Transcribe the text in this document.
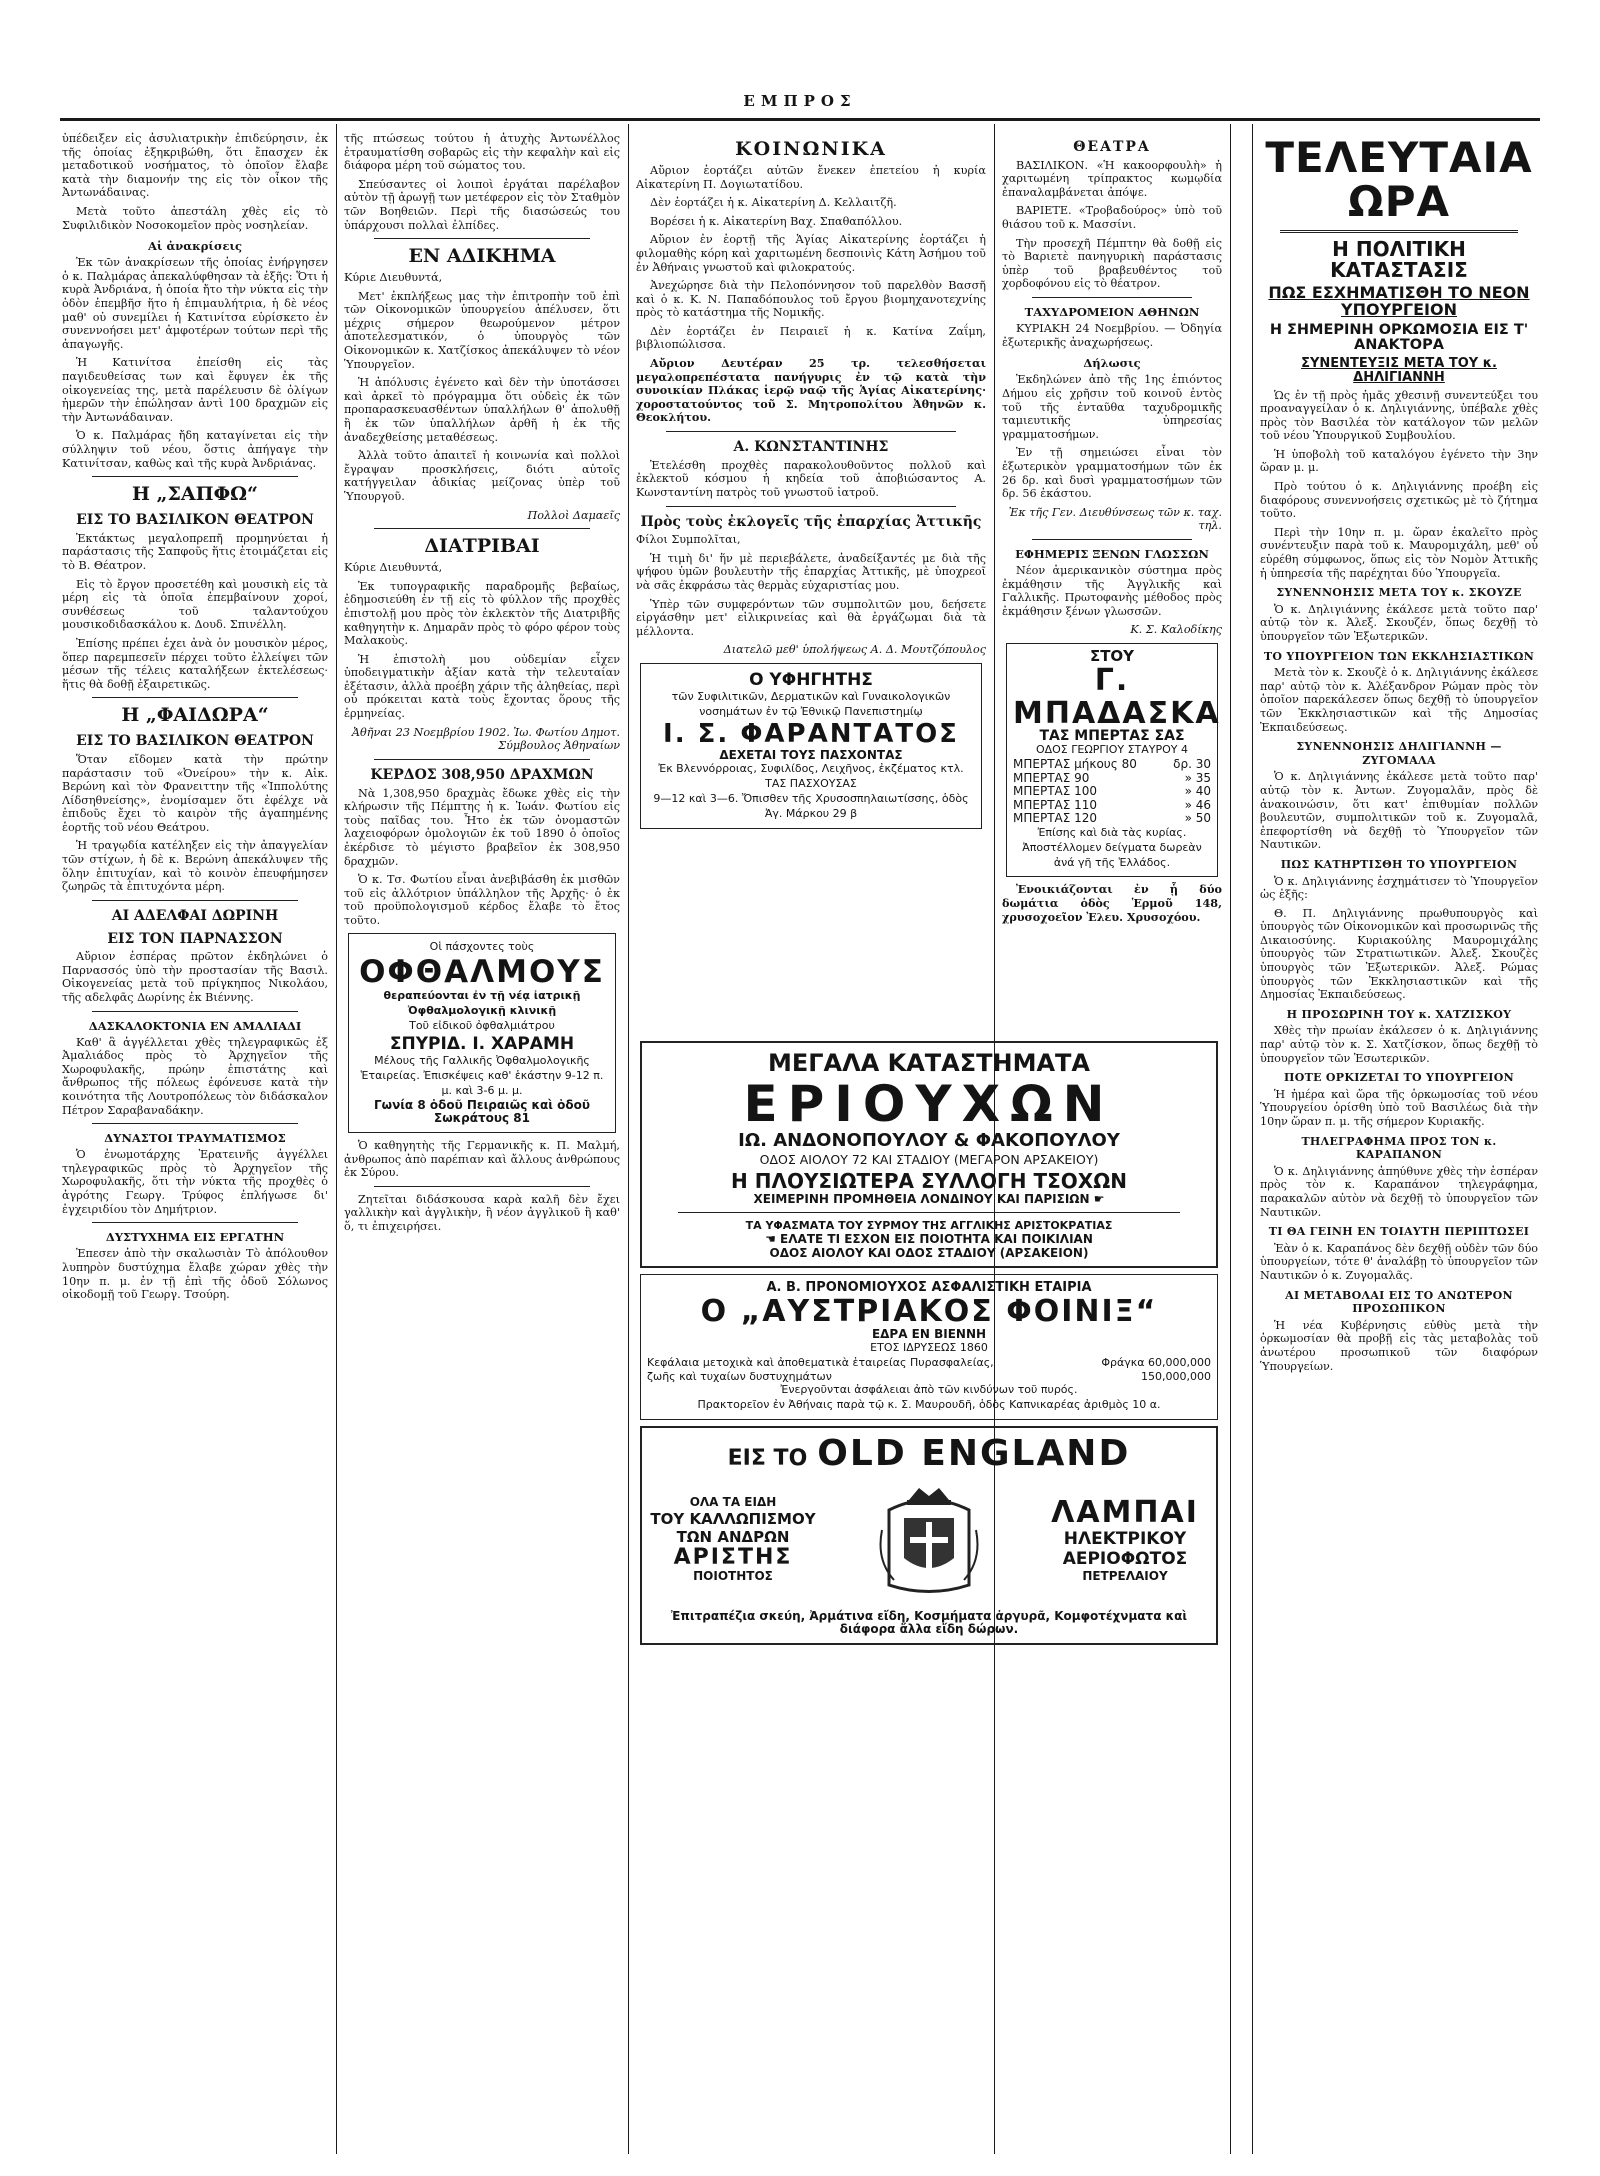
ΕΜΠΡΟΣ

ὑπέδειξεν εἰς ἀσυλιατρικὴν ἐπιδεύρησιν, ἐκ τῆς ὁποίας ἐξηκριβώθη, ὅτι ἔπασχεν ἐκ μεταδοτικοῦ νοσήματος, τὸ ὁποῖον ἔλαβε κατὰ τὴν διαμονήν της εἰς τὸν οἶκον τῆς Ἀντωνάδαινας.

Μετὰ τοῦτο ἀπεστάλη χθὲς εἰς τὸ Συφιλιδικὸν Νοσοκομεῖον πρὸς νοσηλείαν.

Αἱ ἀνακρίσεις

Ἐκ τῶν ἀνακρίσεων τῆς ὁποίας ἐνήργησεν ὁ κ. Παλμάρας ἀπεκαλύφθησαν τὰ ἑξῆς: Ὅτι ἡ κυρὰ Ἀνδριάνα, ἡ ὁποία ἤτο τὴν νύκτα εἰς τὴν ὁδὸν ἐπεμβῆσ ἥτο ἡ ἐπιμαυλήτρια, ἡ δὲ νέος μαθ' οὐ συνεμίλει ἡ Κατινίτσα εὑρίσκετο ἐν συνεννοήσει μετ' ἀμφοτέρων τούτων περὶ τῆς ἀπαγωγῆς.

Ἡ Κατινίτσα ἐπείσθη εἰς τὰς παγιδευθείσας των καὶ ἔφυγεν ἐκ τῆς οἰκογενείας της, μετὰ παρέλευσιν δὲ ὀλίγων ἡμερῶν τὴν ἐπώλησαν ἀντὶ 100 δραχμῶν εἰς τὴν Ἀντωνάδαιναν.

Ὁ κ. Παλμάρας ἤδη καταγίνεται εἰς τὴν σύλληψιν τοῦ νέου, ὅστις ἀπήγαγε τὴν Κατινίτσαν, καθὼς καὶ τῆς κυρὰ Ἀνδριάνας.

Η „ΣΑΠΦΩ“
ΕΙΣ ΤΟ ΒΑΣΙΛΙΚΟΝ ΘΕΑΤΡΟΝ

Ἐκτάκτως μεγαλοπρεπῆ προμηνύεται ἡ παράστασις τῆς Σαπφοῦς ἥτις ἑτοιμάζεται εἰς τὸ Β. Θέατρον.

Εἰς τὸ ἔργον προσετέθη καὶ μουσικὴ εἰς τὰ μέρη εἰς τὰ ὁποῖα ἐπεμβαίνουν χοροί, συνθέσεως τοῦ ταλαντούχου μουσικοδιδασκάλου κ. Δουδ. Σπινέλλη.

Ἐπίσης πρέπει ἐχει ἀνὰ ὁν μουσικὸν μέρος, ὅπερ παρεμπεσεῖν πέρχει τοῦτο ἐλλείψει τῶν μέσων τῆς τέλεις καταλήξεων ἐκτελέσεως· ἥτις θὰ δοθῇ ἐξαιρετικῶς.

Η „ΦΑΙΔΩΡΑ“
ΕΙΣ ΤΟ ΒΑΣΙΛΙΚΟΝ ΘΕΑΤΡΟΝ

Ὅταν εἴδομεν κατὰ τὴν πρώτην παράστασιν τοῦ «Ὀνείρου» τὴν κ. Αἰκ. Βερώνη καὶ τὸν Φρανειττην τῆς «Ἱππολύτης Λίδσηθνείσης», ἐνομίσαμεν ὅτι ἐφέλχε νὰ ἐπιδοῦς ἔχει τὸ καιρὸν τῆς ἀγαπημένης ἑορτῆς τοῦ νέου Θεάτρου.

Ἡ τραγῳδία κατέληξεν εἰς τὴν ἀπαγγελίαν τῶν στίχων, ἡ δὲ κ. Βερώνη ἀπεκάλυψεν τῆς ὅλην ἐπιτυχίαν, καὶ τὸ κοινὸν ἐπευφήμησεν ζωηρῶς τὰ ἐπιτυχόντα μέρη.

ΑΙ ΑΔΕΛΦΑΙ ΔΩΡΙΝΗ
ΕΙΣ ΤΟΝ ΠΑΡΝΑΣΣΟΝ

Αὔριον ἐσπέρας πρῶτον ἐκδηλώνει ὁ Παρνασσός ὑπὸ τὴν προστασίαν τῆς Βασιλ. Οἰκογενείας μετὰ τοῦ πρίγκηπος Νικολάου, τῆς αδελφᾶς Δωρίνης ἐκ Βιέννης.

ΔΑΣΚΑΛΟΚΤΟΝΙΑ ΕΝ ΑΜΑΛΙΑΔΙ

Καθ' ἃ ἀγγέλλεται χθὲς τηλεγραφικῶς ἐξ Ἀμαλιάδος πρὸς τὸ Ἀρχηγεῖον τῆς Χωροφυλακῆς, πρώην ἐπιστάτης καὶ ἄνθρωπος τῆς πόλεως ἐφόνευσε κατὰ τὴν κοινότητα τῆς Λουτροπόλεως τὸν διδάσκαλον Πέτρον Σαραβαναδάκην.

ΔΥΝΑΣΤΟΙ ΤΡΑΥΜΑΤΙΣΜΟΣ

Ὁ ἐνωμοτάρχης Ἐρατεινῆς ἀγγέλλει τηλεγραφικῶς πρὸς τὸ Ἀρχηγεῖον τῆς Χωροφυλακῆς, ὅτι τὴν νύκτα τῆς προχθὲς ὁ ἀγρότης Γεωργ. Τρύφος ἐπλήγωσε δι' ἐγχειριδίου τὸν Δημήτριον.

ΔΥΣΤΥΧΗΜΑ ΕΙΣ ΕΡΓΑΤΗΝ

Ἐπεσεν ἀπὸ τὴν σκαλωσιὰν Τὸ ἀπόλουθον λυπηρὸν δυστύχημα ἔλαβε χώραν χθὲς τὴν 10ην π. μ. ἐν τῇ ἐπὶ τῆς ὁδοῦ Σόλωνος οἰκοδομῇ τοῦ Γεωργ. Τσούρη.

τῆς πτώσεως τούτου ἡ ἀτυχὴς Ἀντωνέλλος ἐτραυματίσθη σοβαρῶς εἰς τὴν κεφαλὴν καὶ εἰς διάφορα μέρη τοῦ σώματος του.

Σπεύσαντες οἱ λοιποὶ ἐργάται παρέλαβον αὐτὸν τῇ ἀρωγῇ των μετέφερον εἰς τὸν Σταθμὸν τῶν Βοηθειῶν. Περὶ τῆς διασώσεώς του ὑπάρχουσι πολλαὶ ἐλπίδες.

ΕΝ ΑΔΙΚΗΜΑ

Κύριε Διευθυντά,

Μετ' ἐκπλήξεως μας τὴν ἐπιτροπὴν τοῦ ἐπὶ τῶν Οἰκονομικῶν ὑπουργείου ἀπέλυσεν, ὅτι μέχρις σήμερον θεωρούμενον μέτρον ἀποτελεσματικόν, ὁ ὑπουργὸς τῶν Οἰκονομικῶν κ. Χατζίσκος ἀπεκάλυψεν τὸ νέον Ὑπουργεῖον.

Ἡ ἀπόλυσις ἐγένετο καὶ δὲν τὴν ὑποτάσσει καὶ ἀρκεῖ τὸ πρόγραμμα ὅτι οὐδεὶς ἐκ τῶν προπαρασκευασθέντων ὑπαλλήλων θ' ἀπολυθῇ ἢ ἐκ τῶν ὑπαλλήλων ἀρθῆ ἡ ἐκ τῆς ἀναδεχθείσης μεταθέσεως.

Ἀλλὰ τοῦτο ἀπαιτεῖ ἡ κοινωνία καὶ πολλοὶ ἔγραψαν προσκλήσεις, διότι αὐτοῖς κατήγγειλαν ἀδικίας μείζονας ὑπὲρ τοῦ Ὑπουργοῦ.

Πολλοὶ Δαμαεῖς
ΔΙΑΤΡΙΒΑΙ

Κύριε Διευθυντά,

Ἐκ τυπογραφικῆς παραδρομῆς βεβαίως, ἐδημοσιεύθη ἐν τῇ εἰς τὸ φύλλον τῆς προχθὲς ἐπιστολῇ μου πρὸς τὸν ἐκλεκτὸν τῆς Διατριβῆς καθηγητὴν κ. Δημαρᾶν πρὸς τὸ φόρο φέρον τοὺς Μαλακοὺς.

Ἡ ἐπιστολὴ μου οὐδεμίαν εἶχεν ὑποδειγματικὴν ἀξίαν κατὰ τὴν τελευταίαν ἐξέτασιν, ἀλλὰ προέβη χάριν τῆς ἀληθείας, περὶ οὗ πρόκειται κατὰ τοὺς ἔχοντας ὅρους τῆς ἑρμηνείας.

Ἀθῆναι 23 Νοεμβρίου 1902. Ἰω. Φωτίου Δημοτ. Σύμβουλος Ἀθηναίων
ΚΕΡΔΟΣ 308,950 ΔΡΑΧΜΩΝ

Νὰ 1,308,950 δραχμὰς ἔδωκε χθὲς εἰς τὴν κλήρωσιν τῆς Πέμπτης ἡ κ. Ἰωάν. Φωτίου εἰς τοὺς παῖδας του. Ἦτο ἐκ τῶν ὀνομαστῶν λαχειοφόρων ὁμολογιῶν ἐκ τοῦ 1890 ὁ ὁποῖος ἐκέρδισε τὸ μέγιστο βραβεῖον ἐκ 308,950 δραχμῶν.

Ὁ κ. Τσ. Φωτίου εἶναι ἀνεβιβάσθη ἐκ μισθῶν τοῦ εἰς ἀλλότριον ὑπάλληλον τῆς Ἀρχῆς· ὁ ἐκ τοῦ προϋπολογισμοῦ κέρδος ἔλαβε τὸ ἔτος τοῦτο.

Οἱ πάσχοντες τοὺς
ΟΦΘΑΛΜΟΥΣ
θεραπεύονται ἐν τῇ νέᾳ ἰατρικῇ Ὀφθαλμολογικῇ κλινικῇ
Τοῦ εἰδικοῦ ὀφθαλμιάτρου
ΣΠΥΡΙΔ. Ι. ΧΑΡΑΜΗ
Μέλους τῆς Γαλλικῆς Ὀφθαλμολογικῆς Ἑταιρείας. Ἐπισκέψεις καθ' ἑκάστην 9-12 π. μ. καὶ 3-6 μ. μ.
Γωνία 8 ὁδοῦ Πειραιῶς καὶ ὁδοῦ Σωκράτους 81

Ὁ καθηγητὴς τῆς Γερμανικῆς κ. Π. Μαλμή, ἀνθρωπος ἀπὸ παρέπιαν καὶ ἄλλους ἀνθρώπους ἐκ Σύρου.

Ζητεῖται διδάσκουσα καρὰ καλῆ δὲν ἔχει γαλλικὴν καὶ ἀγγλικὴν, ἢ νέον ἀγγλικοῦ ἢ καθ' ὅ, τι ἐπιχειρήσει.

ΚΟΙΝΩΝΙΚΑ

Αὔριον ἑορτάζει αὐτῶν ἔνεκεν ἐπετείου ἡ κυρία Αἰκατερίνη Π. Δογιωτατίδου.

Δὲν ἑορτάζει ἡ κ. Αἰκατερίνη Δ. Κελλαιτζῆ.

Βορέσει ἡ κ. Αἰκατερίνη Βαχ. Σπαθαπόλλου.

Αὔριον ἐν ἑορτῇ τῆς Ἁγίας Αἰκατερίνης ἑορτάζει ἡ φιλομαθὴς κόρη καὶ χαριτωμένη δεσποινὶς Κάτη Ἀσήμου τοῦ ἐν Ἀθήναις γνωστοῦ καὶ φιλοκρατούς.

Ἀνεχώρησε διὰ τὴν Πελοπόννησον τοῦ παρελθὸν Βασσῆ καὶ ὁ κ. Κ. Ν. Παπαδόπουλος τοῦ ἔργου βιομηχανοτεχνίης πρὸς τὸ κατάστημα τῆς Νομικῆς.

Δὲν ἑορτάζει ἐν Πειραιεῖ ἡ κ. Κατίνα Ζαΐμη, βιβλιοπώλισσα.

Αὔριον Δευτέραν 25 τρ. τελεσθήσεται μεγαλοπρεπέστατα πανήγυρις ἐν τῷ κατὰ τὴν συνοικίαν Πλάκας ἱερῷ ναῷ τῆς Ἁγίας Αἰκατερίνης· χοροστατούντος τοῦ Σ. Μητροπολίτου Ἀθηνῶν κ. Θεοκλήτου.

Α. ΚΩΝΣΤΑΝΤΙΝΗΣ

Ἐτελέσθη προχθὲς παρακολουθοῦντος πολλοῦ καὶ ἐκλεκτοῦ κόσμου ἡ κηδεία τοῦ ἀποβιώσαντος Α. Κωνσταντίνη πατρὸς τοῦ γνωστοῦ ἰατροῦ.

Πρὸς τοὺς ἐκλογεῖς τῆς ἐπαρχίας Ἀττικῆς

Φίλοι Συμπολῖται,

Ἡ τιμὴ δι' ἥν μὲ περιεβάλετε, ἀναδείξαντές με διὰ τῆς ψήφου ὑμῶν βουλευτὴν τῆς ἐπαρχίας Ἀττικῆς, μὲ ὑποχρεοῖ νὰ σᾶς ἐκφράσω τὰς θερμὰς εὐχαριστίας μου.

Ὑπὲρ τῶν συμφερόντων τῶν συμπολιτῶν μου, δεήσετε εἰργάσθην μετ' εἰλικρινείας καὶ θὰ ἐργάζωμαι διὰ τὰ μέλλοντα.

Διατελῶ μεθ' ὑπολήψεως Α. Δ. Μουτζόπουλος
Ο ΥΦΗΓΗΤΗΣ
τῶν Συφιλιτικῶν, Δερματικῶν καὶ Γυναικολογικῶν νοσημάτων ἐν τῷ Ἐθνικῷ Πανεπιστημίῳ
Ι. Σ. ΦΑΡΑΝΤΑΤΟΣ
ΔΕΧΕΤΑΙ ΤΟΥΣ ΠΑΣΧΟΝΤΑΣ
Ἐκ Βλεννόρροιας, Συφιλίδος, Λειχῆνος, ἐκζέματος κτλ. ΤΑΣ ΠΑΣΧΟΥΣΑΣ
9—12 καὶ 3—6. Ὄπισθεν τῆς Χρυσοσπηλαιωτίσσης, ὁδὸς Ἀγ. Μάρκου 29 β
ΘΕΑΤΡΑ

ΒΑΣΙΛΙΚΟΝ. «Ἡ κακοορφουλὴ» ἡ χαριτωμένη τρίπρακτος κωμῳδία ἐπαναλαμβάνεται ἀπόψε.

ΒΑΡΙΕΤΕ. «Τροβαδούρος» ὑπὸ τοῦ θιάσου τοῦ κ. Μασσίνι.

Τὴν προσεχῆ Πέμπτην θὰ δοθῇ εἰς τὸ Βαριετὲ πανηγυρικὴ παράστασις ὑπὲρ τοῦ βραβευθέντος τοῦ χορδοφόνου εἰς τὸ θέατρον.

ΤΑΧΥΔΡΟΜΕΙΟΝ ΑΘΗΝΩΝ

ΚΥΡΙΑΚΗ 24 Νοεμβρίου. — Ὀδηγία ἐξωτερικῆς ἀναχωρήσεως.

Δήλωσις

Ἐκδηλώνεν ἀπὸ τῆς 1ης ἐπιόντος Δήμου εἰς χρῆσιν τοῦ κοινοῦ ἐντὸς τοῦ τῆς ἐνταῦθα ταχυδρομικῆς ταμιευτικῆς ὑπηρεσίας γραμματοσήμων.

Ἐν τῇ σημειώσει εἶναι τὸν ἐξωτερικὸν γραμματοσήμων τῶν ἐκ 26 δρ. καὶ δυσὶ γραμματοσήμων τῶν δρ. 56 ἐκάστου.

Ἐκ τῆς Γεν. Διευθύνσεως τῶν κ. ταχ. τηλ.
ΕΦΗΜΕΡΙΣ ΞΕΝΩΝ ΓΛΩΣΣΩΝ

Νέον ἀμερικανικὸν σύστημα πρὸς ἐκμάθησιν τῆς Ἀγγλικῆς καὶ Γαλλικῆς. Πρωτοφανὴς μέθοδος πρὸς ἐκμάθησιν ξένων γλωσσῶν.

Κ. Σ. Καλοδίκης
ΣΤΟΥ
Γ. ΜΠΑΔΑΣΚΑ
ΤΑΣ ΜΠΕΡΤΑΣ ΣΑΣ
ΟΔΟΣ ΓΕΩΡΓΙΟΥ ΣΤΑΥΡΟΥ 4
ΜΠΕΡΤΑΣ μήκους 80	δρ. 30
ΜΠΕΡΤΑΣ 90	» 35
ΜΠΕΡΤΑΣ 100	» 40
ΜΠΕΡΤΑΣ 110	» 46
ΜΠΕΡΤΑΣ 120	» 50
Ἐπίσης καὶ διὰ τὰς κυρίας.
Ἀποστέλλομεν δείγματα δωρεὰν ἀνά γῆ τῆς Ἑλλάδος.

Ἐνοικιάζονται ἐν ᾗ δύο δωμάτια ὁδὸς Ἑρμοῦ 148, χρυσοχοεῖον Ἐλευ. Χρυσοχόου.

ΜΕΓΑΛΑ ΚΑΤΑΣΤΗΜΑΤΑ
ΕΡΙΟΥΧΩΝ
ΙΩ. ΑΝΔΟΝΟΠΟΥΛΟΥ & ΦΑΚΟΠΟΥΛΟΥ
ΟΔΟΣ ΑΙΟΛΟΥ 72 ΚΑΙ ΣΤΑΔΙΟΥ (ΜΕΓΑΡΟΝ ΑΡΣΑΚΕΙΟΥ)
Η ΠΛΟΥΣΙΩΤΕΡΑ ΣΥΛΛΟΓΗ ΤΣΟΧΩΝ
ΧΕΙΜΕΡΙΝΗ ΠΡΟΜΗΘΕΙΑ ΛΟΝΔΙΝΟΥ ΚΑΙ ΠΑΡΙΣΙΩΝ ☛
ΤΑ ΥΦΑΣΜΑΤΑ ΤΟΥ ΣΥΡΜΟΥ ΤΗΣ ΑΓΓΛΙΚΗΣ ΑΡΙΣΤΟΚΡΑΤΙΑΣ
☚ ΕΛΑΤΕ ΤΙ ΕΣΧΟΝ ΕΙΣ ΠΟΙΟΤΗΤΑ ΚΑΙ ΠΟΙΚΙΛΙΑΝ
ΟΔΟΣ ΑΙΟΛΟΥ ΚΑΙ ΟΔΟΣ ΣΤΑΔΙΟΥ (ΑΡΣΑΚΕΙΟΝ)
Α. Β. ΠΡΟΝΟΜΙΟΥΧΟΣ ΑΣΦΑΛΙΣΤΙΚΗ ΕΤΑΙΡΙΑ
Ο „ΑΥΣΤΡΙΑΚΟΣ ΦΟΙΝΙΞ“
ΕΔΡΑ ΕΝ ΒΙΕΝΝΗ
ΕΤΟΣ ΙΔΡΥΣΕΩΣ 1860
Κεφάλαια μετοχικὰ καὶ ἀποθεματικὰ ἑταιρείας Πυρασφαλείας,	Φράγκα 60,000,000
ζωῆς καὶ τυχαίων δυστυχημάτων	150,000,000
Ἐνεργοῦνται ἀσφάλειαι ἀπὸ τῶν κινδύνων τοῦ πυρός.
Πρακτορεῖον ἐν Ἀθήναις παρὰ τῷ κ. Σ. Μαυρουδῆ, ὁδὸς Καπνικαρέας ἀριθμὸς 10 α.
ΕΙΣ ΤΟ OLD ENGLAND
ΟΛΑ ΤΑ ΕΙΔΗ
ΤΟΥ ΚΑΛΛΩΠΙΣΜΟΥ
ΤΩΝ ΑΝΔΡΩΝ
ΑΡΙΣΤΗΣ
ΠΟΙΟΤΗΤΟΣ
ΛΑΜΠΑΙ
ΗΛΕΚΤΡΙΚΟΥ
ΑΕΡΙΟΦΩΤΟΣ
ΠΕΤΡΕΛΑΙΟΥ
Ἐπιτραπέζια σκεύη, Ἀρμάτινα εἴδη, Κοσμήματα ἀργυρᾶ, Κομφοτέχνματα καὶ διάφορα ἄλλα εἴδη δώρων.
ΤΕΛΕΥΤΑΙΑ ΩΡΑ
Η ΠΟΛΙΤΙΚΗ ΚΑΤΑΣΤΑΣΙΣ
ΠΩΣ ΕΣΧΗΜΑΤΙΣΘΗ ΤΟ ΝΕΟΝ ΥΠΟΥΡΓΕΙΟΝ
Η ΣΗΜΕΡΙΝΗ ΟΡΚΩΜΟΣΙΑ ΕΙΣ Τ' ΑΝΑΚΤΟΡΑ
ΣΥΝΕΝΤΕΥΞΙΣ ΜΕΤΑ ΤΟΥ κ. ΔΗΛΙΓΙΑΝΝΗ

Ὡς ἐν τῇ πρὸς ἡμᾶς χθεσινῇ συνεντεύξει του προαναγγείλαν ὁ κ. Δηλιγιάννης, ὑπέβαλε χθὲς πρὸς τὸν Βασιλέα τὸν κατάλογον τῶν μελῶν τοῦ νέου Ὑπουργικοῦ Συμβουλίου.

Ἡ ὑποβολὴ τοῦ καταλόγου ἐγένετο τὴν 3ην ὥραν μ. μ.

Πρὸ τούτου ὁ κ. Δηλιγιάννης προέβη εἰς διαφόρους συνεννοήσεις σχετικῶς μὲ τὸ ζήτημα τοῦτο.

Περὶ τὴν 10ην π. μ. ὥραν ἐκαλεῖτο πρὸς συνέντευξιν παρὰ τοῦ κ. Μαυρομιχάλη, μεθ' οὗ εὑρέθη σύμφωνος, ὅπως εἰς τὸν Νομὸν Ἀττικῆς ἡ ὑπηρεσία τῆς παρέχηται δύο Ὑπουργεῖα.

ΣΥΝΕΝΝΟΗΣΙΣ ΜΕΤΑ ΤΟΥ κ. ΣΚΟΥΖΕ

Ὁ κ. Δηλιγιάννης ἐκάλεσε μετὰ τοῦτο παρ' αὐτῷ τὸν κ. Ἀλεξ. Σκουζέν, ὅπως δεχθῇ τὸ ὑπουργεῖον τῶν Ἐξωτερικῶν.

ΤΟ ΥΠΟΥΡΓΕΙΟΝ ΤΩΝ ΕΚΚΛΗΣΙΑΣΤΙΚΩΝ

Μετὰ τὸν κ. Σκουζὲ ὁ κ. Δηλιγιάννης ἐκάλεσε παρ' αὐτῷ τὸν κ. Ἀλέξανδρον Ρώμαν πρὸς τὸν ὁποῖον παρεκάλεσεν ὅπως δεχθῇ τὸ ὑπουργεῖον τῶν Ἐκκλησιαστικῶν καὶ τῆς Δημοσίας Ἐκπαιδεύσεως.

ΣΥΝΕΝΝΟΗΣΙΣ ΔΗΛΙΓΙΑΝΝΗ — ΖΥΓΟΜΑΛΑ

Ὁ κ. Δηλιγιάννης ἐκάλεσε μετὰ τοῦτο παρ' αὐτῷ τὸν κ. Ἀντων. Ζυγομαλᾶν, πρὸς δὲ ἀνακοινώσιν, ὅτι κατ' ἐπιθυμίαν πολλῶν βουλευτῶν, συμπολιτικῶν τοῦ κ. Ζυγομαλᾶ, ἐπεφορτίσθη νὰ δεχθῇ τὸ Ὑπουργεῖον τῶν Ναυτικῶν.

ΠΩΣ ΚΑΤΗΡΤΙΣΘΗ ΤΟ ΥΠΟΥΡΓΕΙΟΝ

Ὁ κ. Δηλιγιάννης ἐσχημάτισεν τὸ Ὑπουργεῖον ὡς ἑξῆς:

Θ. Π. Δηλιγιάννης πρωθυπουργὸς καὶ ὑπουργὸς τῶν Οἰκονομικῶν καὶ προσωρινῶς τῆς Δικαιοσύνης. Κυριακούλης Μαυρομιχάλης ὑπουργὸς τῶν Στρατιωτικῶν. Ἀλεξ. Σκουζὲς ὑπουργὸς τῶν Ἐξωτερικῶν. Ἀλεξ. Ρώμας ὑπουργὸς τῶν Ἐκκλησιαστικῶν καὶ τῆς Δημοσίας Ἐκπαιδεύσεως.

Η ΠΡΟΣΩΡΙΝΗ ΤΟΥ κ. ΧΑΤΖΙΣΚΟΥ

Χθὲς τὴν πρωίαν ἐκάλεσεν ὁ κ. Δηλιγιάννης παρ' αὐτῷ τὸν κ. Σ. Χατζίσκον, ὅπως δεχθῇ τὸ ὑπουργεῖον τῶν Ἐσωτερικῶν.

ΠΟΤΕ ΟΡΚΙΖΕΤΑΙ ΤΟ ΥΠΟΥΡΓΕΙΟΝ

Ἡ ἡμέρα καὶ ὥρα τῆς ὁρκωμοσίας τοῦ νέου Ὑπουργείου ὁρίσθη ὑπὸ τοῦ Βασιλέως διὰ τὴν 10ην ὥραν π. μ. τῆς σήμερον Κυριακῆς.

ΤΗΛΕΓΡΑΦΗΜΑ ΠΡΟΣ ΤΟΝ κ. ΚΑΡΑΠΑΝΟΝ

Ὁ κ. Δηλιγιάννης ἀπηύθυνε χθὲς τὴν ἑσπέραν πρὸς τὸν κ. Καραπάνον τηλεγράφημα, παρακαλῶν αὐτὸν νὰ δεχθῇ τὸ ὑπουργεῖον τῶν Ναυτικῶν.

ΤΙ ΘΑ ΓΕΙΝΗ ΕΝ ΤΟΙΑΥΤΗ ΠΕΡΙΠΤΩΣΕΙ

Ἐὰν ὁ κ. Καραπάνος δὲν δεχθῇ οὐδὲν τῶν δύο ὑπουργείων, τότε θ' ἀναλάβῃ τὸ ὑπουργεῖον τῶν Ναυτικῶν ὁ κ. Ζυγομαλᾶς.

ΑΙ ΜΕΤΑΒΟΛΑΙ ΕΙΣ ΤΟ ΑΝΩΤΕΡΟΝ ΠΡΟΣΩΠΙΚΟΝ

Ἡ νέα Κυβέρνησις εὐθὺς μετὰ τὴν ὁρκωμοσίαν θὰ προβῇ εἰς τὰς μεταβολὰς τοῦ ἀνωτέρου προσωπικοῦ τῶν διαφόρων Ὑπουργείων.
